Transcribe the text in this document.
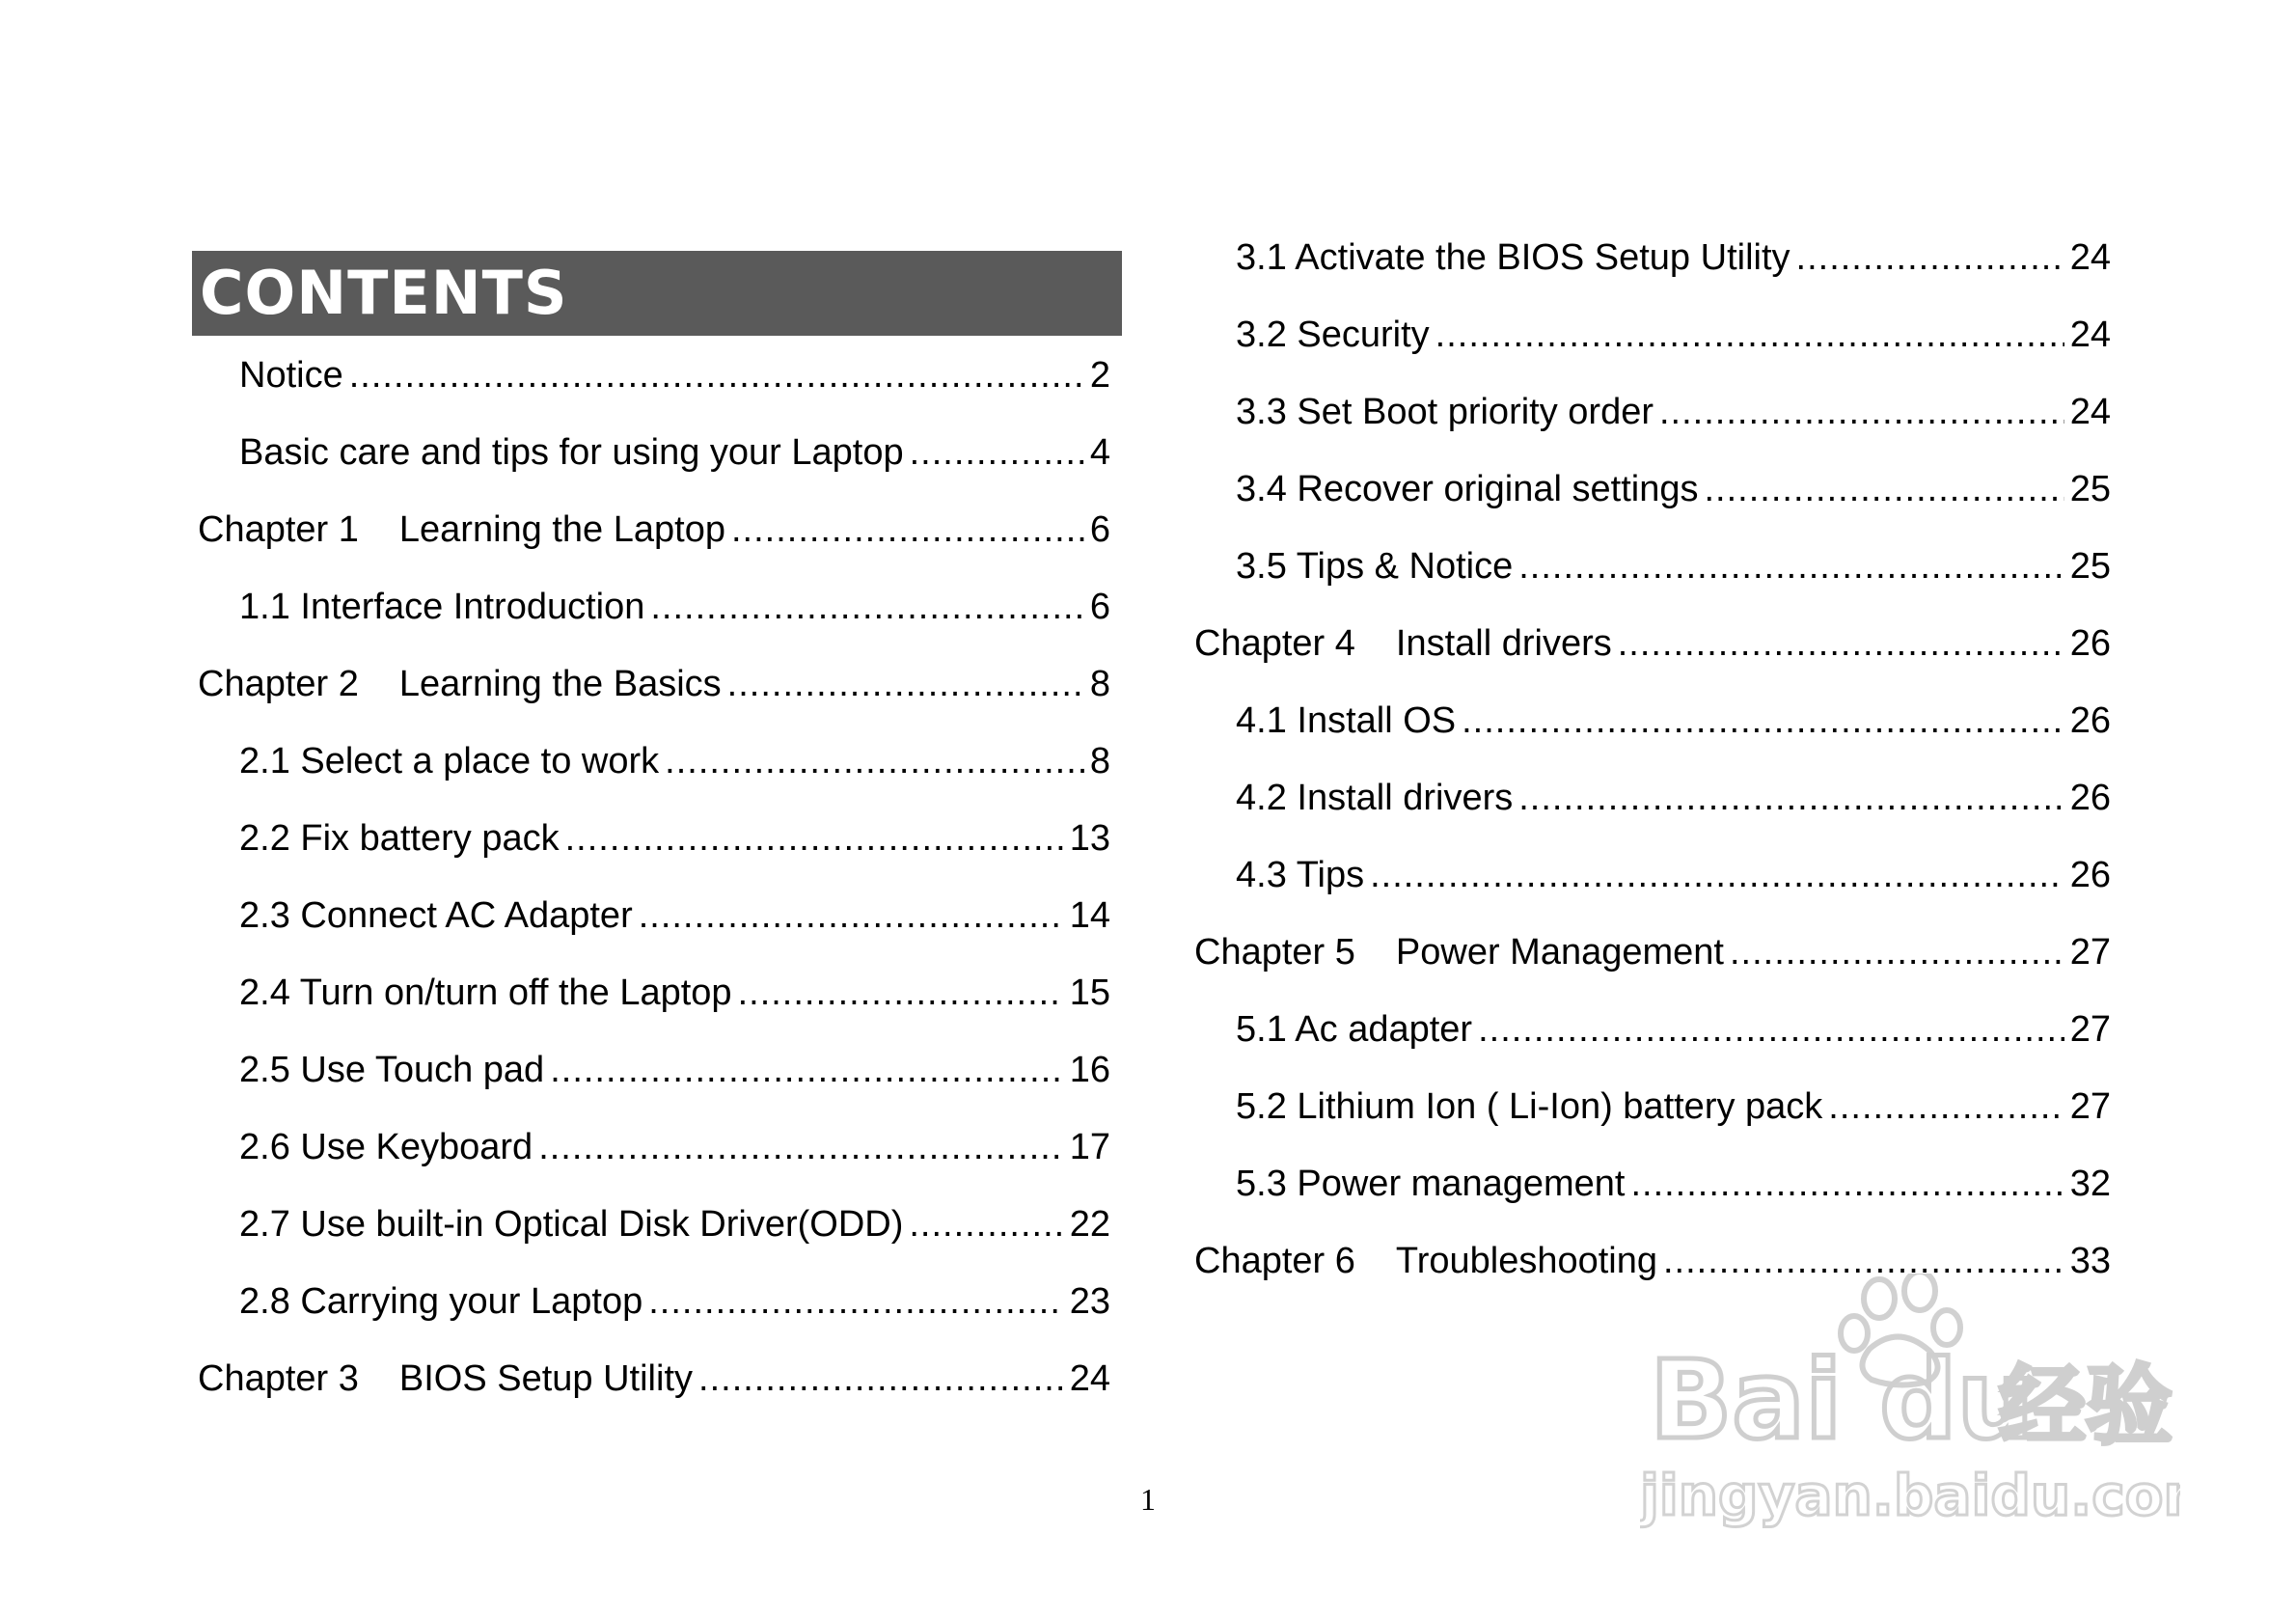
CONTENTS
Notice .....	2
Basic care and tips for using your Laptop .....	4
Chapter 1 Learning the Laptop .....	6
1.1 Interface Introduction .....	6
Chapter 2 Learning the Basics .....	8
2.1 Select a place to work .....	8
2.2 Fix battery pack .....	13
2.3 Connect AC Adapter .....	14
2.4 Turn on/turn off the Laptop .....	15
2.5 Use Touch pad .....	16
2.6 Use Keyboard .....	17
2.7 Use built-in Optical Disk Driver(ODD) .....	22
2.8 Carrying your Laptop .....	23
Chapter 3 BIOS Setup Utility .....	24
3.1 Activate the BIOS Setup Utility .....	24
3.2 Security .....	24
3.3 Set Boot priority order .....	24
3.4 Recover original settings .....	25
3.5 Tips & Notice .....	25
Chapter 4 Install drivers .....	26
4.1 Install OS .....	26
4.2 Install drivers .....	26
4.3 Tips .....	26
Chapter 5 Power Management .....	27
5.1 Ac adapter .....	27
5.2 Lithium Ion ( Li-Ion) battery pack .....	27
5.3 Power management .....	32
Chapter 6 Troubleshooting .....	33
1
Bai du
经验
jingyan.baidu.com
